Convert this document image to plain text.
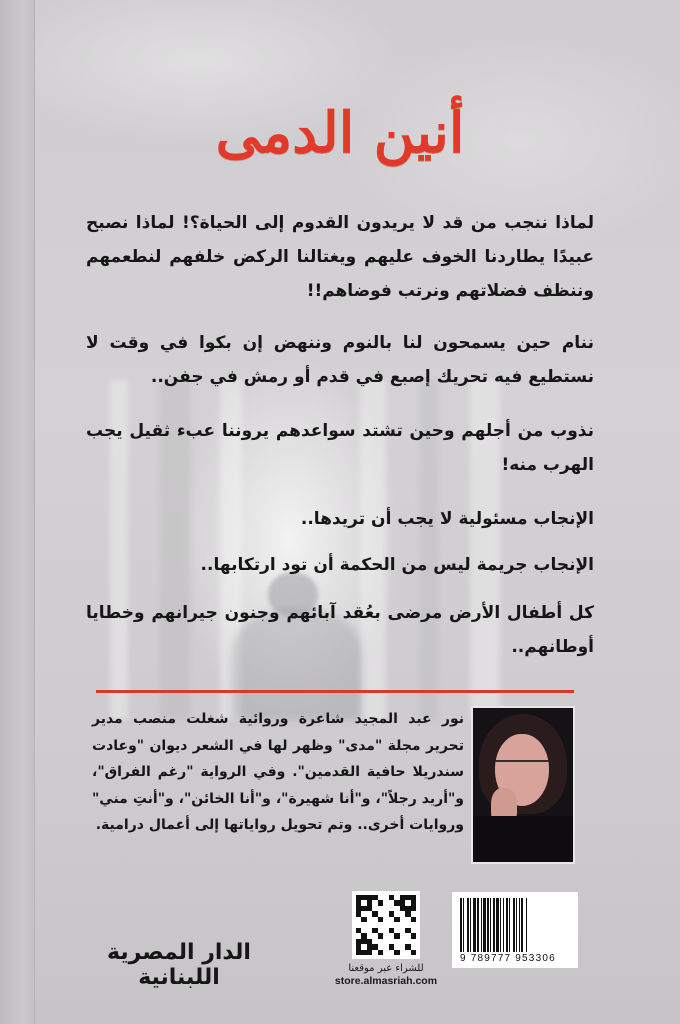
أنين الدمى

لماذا ننجب من قد لا يريدون القدوم إلى الحياة؟! لماذا نصبح عبيدًا يطاردنا الخوف عليهم ويغتالنا الركض خلفهم لنطعمهم وننظف فضلاتهم ونرتب فوضاهم!!

ننام حين يسمحون لنا بالنوم وننهض إن بكوا في وقت لا نستطيع فيه تحريك إصبع في قدم أو رمش في جفن..

نذوب من أجلهم وحين تشتد سواعدهم يروننا عبء ثقيل يجب الهرب منه!

الإنجاب مسئولية لا يجب أن تريدها..

الإنجاب جريمة ليس من الحكمة أن تود ارتكابها..

كل أطفال الأرض مرضى بعُقد آبائهم وجنون جيرانهم وخطايا أوطانهم..

نور عبد المجيد شاعرة وروائية شغلت منصب مدير تحرير مجلة "مدى" وظهر لها في الشعر ديوان "وعادت سندريلا حافية القدمين". وفي الرواية "رغم الفراق"، و"أريد رجلاً"، و"أنا شهيرة"، و"أنا الخائن"، و"أنتِ مني" وروايات أخرى.. وتم تحويل رواياتها إلى أعمال درامية.
للشراء عبر موقعنا
store.almasriah.com
9 789777 953306
الدار المصرية اللبنانية
